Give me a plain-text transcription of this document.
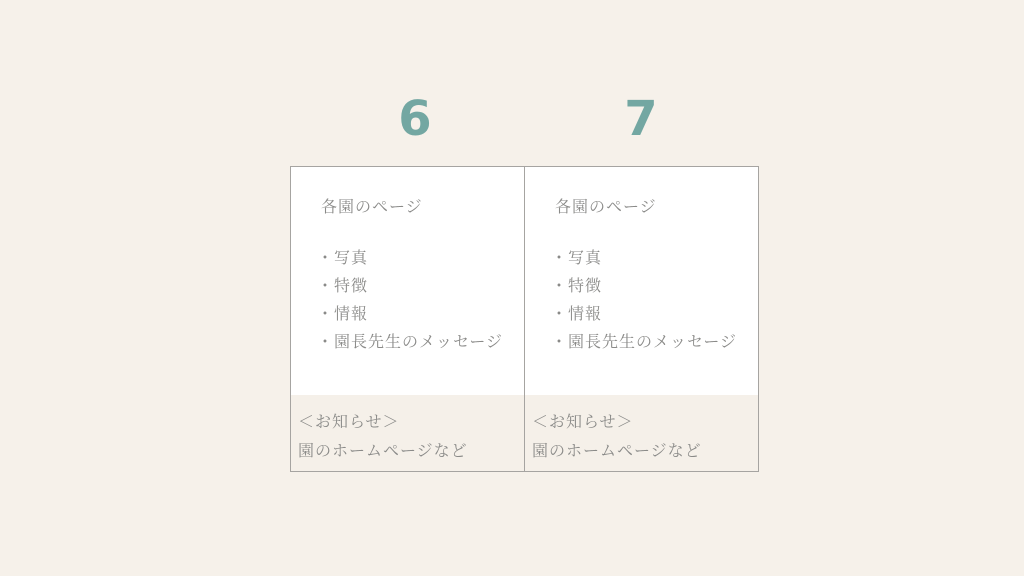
6	7
各園のページ
・写真
・特徴
・情報
・園長先生のメッセージ

＜お知らせ＞

園のホームページなど

各園のページ
・写真
・特徴
・情報
・園長先生のメッセージ

＜お知らせ＞

園のホームページなど
